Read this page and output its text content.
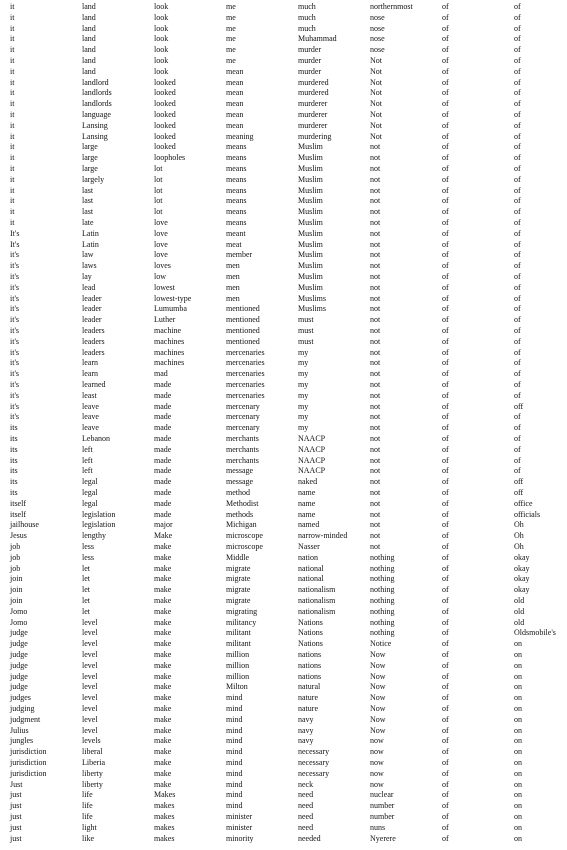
it	land	look	me	much	northernmost	of	of
it	land	look	me	much	nose	of	of
it	land	look	me	much	nose	of	of
it	land	look	me	Muhammad	nose	of	of
it	land	look	me	murder	nose	of	of
it	land	look	me	murder	Not	of	of
it	land	look	mean	murder	Not	of	of
it	landlord	looked	mean	murdered	Not	of	of
it	landlords	looked	mean	murdered	Not	of	of
it	landlords	looked	mean	murderer	Not	of	of
it	language	looked	mean	murderer	Not	of	of
it	Lansing	looked	mean	murderer	Not	of	of
it	Lansing	looked	meaning	murdering	Not	of	of
it	large	looked	means	Muslim	not	of	of
it	large	loopholes	means	Muslim	not	of	of
it	large	lot	means	Muslim	not	of	of
it	largely	lot	means	Muslim	not	of	of
it	last	lot	means	Muslim	not	of	of
it	last	lot	means	Muslim	not	of	of
it	last	lot	means	Muslim	not	of	of
it	late	love	means	Muslim	not	of	of
It's	Latin	love	meant	Muslim	not	of	of
It's	Latin	love	meat	Muslim	not	of	of
it's	law	love	member	Muslim	not	of	of
it's	laws	loves	men	Muslim	not	of	of
it's	lay	low	men	Muslim	not	of	of
it's	lead	lowest	men	Muslim	not	of	of
it's	leader	lowest-type	men	Muslims	not	of	of
it's	leader	Lumumba	mentioned	Muslims	not	of	of
it's	leader	Luther	mentioned	must	not	of	of
it's	leaders	machine	mentioned	must	not	of	of
it's	leaders	machines	mentioned	must	not	of	of
it's	leaders	machines	mercenaries	my	not	of	of
it's	learn	machines	mercenaries	my	not	of	of
it's	learn	mad	mercenaries	my	not	of	of
it's	learned	made	mercenaries	my	not	of	of
it's	least	made	mercenaries	my	not	of	of
it's	leave	made	mercenary	my	not	of	off
it's	leave	made	mercenary	my	not	of	of
its	leave	made	mercenary	my	not	of	of
its	Lebanon	made	merchants	NAACP	not	of	of
its	left	made	merchants	NAACP	not	of	of
its	left	made	merchants	NAACP	not	of	of
its	left	made	message	NAACP	not	of	of
its	legal	made	message	naked	not	of	off
its	legal	made	method	name	not	of	off
itself	legal	made	Methodist	name	not	of	office
itself	legislation	made	methods	name	not	of	officials
jailhouse	legislation	major	Michigan	named	not	of	Oh
Jesus	lengthy	Make	microscope	narrow-minded	not	of	Oh
job	less	make	microscope	Nasser	not	of	Oh
job	less	make	Middle	nation	nothing	of	okay
job	let	make	migrate	national	nothing	of	okay
join	let	make	migrate	national	nothing	of	okay
join	let	make	migrate	nationalism	nothing	of	okay
join	let	make	migrate	nationalism	nothing	of	old
Jomo	let	make	migrating	nationalism	nothing	of	old
Jomo	level	make	militancy	Nations	nothing	of	old
judge	level	make	militant	Nations	nothing	of	Oldsmobile's
judge	level	make	militant	Nations	Notice	of	on
judge	level	make	million	nations	Now	of	on
judge	level	make	million	nations	Now	of	on
judge	level	make	million	nations	Now	of	on
judge	level	make	Milton	natural	Now	of	on
judges	level	make	mind	nature	Now	of	on
judging	level	make	mind	nature	Now	of	on
judgment	level	make	mind	navy	Now	of	on
Julius	level	make	mind	navy	Now	of	on
jungles	levels	make	mind	navy	now	of	on
jurisdiction	liberal	make	mind	necessary	now	of	on
jurisdiction	Liberia	make	mind	necessary	now	of	on
jurisdiction	liberty	make	mind	necessary	now	of	on
Just	liberty	make	mind	neck	now	of	on
just	life	Makes	mind	need	nuclear	of	on
just	life	makes	mind	need	number	of	on
just	life	makes	minister	need	number	of	on
just	light	makes	minister	need	nuns	of	on
just	like	makes	minority	needed	Nyerere	of	on
